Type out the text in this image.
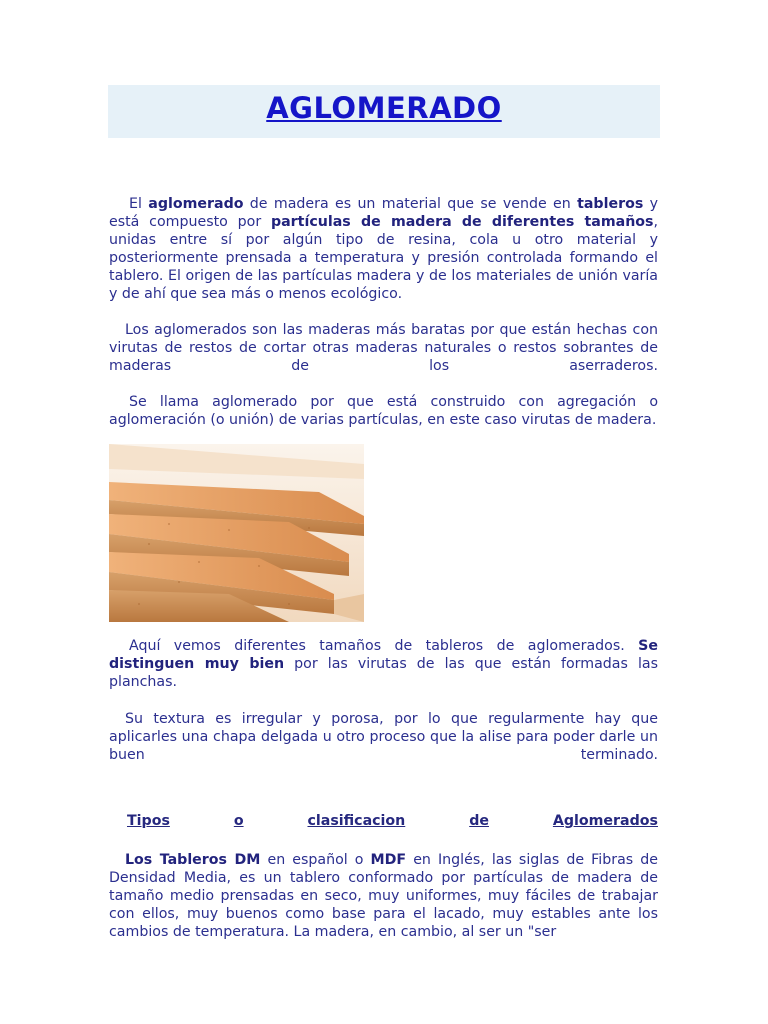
AGLOMERADO

El aglomerado de madera es un material que se vende en tableros y está compuesto por partículas de madera de diferentes tamaños, unidas entre sí por algún tipo de resina, cola u otro material y posteriormente prensada a temperatura y presión controlada formando el tablero. El origen de las partículas madera y de los materiales de unión varía y de ahí que sea más o menos ecológico.

Los aglomerados son las maderas más baratas por que están hechas con virutas de restos de cortar otras maderas naturales o restos sobrantes de maderas de los aserraderos.

Se llama aglomerado por que está construido con agregación o aglomeración (o unión) de varias partículas, en este caso virutas de madera.

Aquí vemos diferentes tamaños de tableros de aglomerados. Se distinguen muy bien por las virutas de las que están formadas las planchas.

Su textura es irregular y porosa, por lo que regularmente hay que aplicarles una chapa delgada u otro proceso que la alise para poder darle un buen terminado.

Tipos	o	clasificacion	de	Aglomerados

Los Tableros DM en español o MDF en Inglés, las siglas de Fibras de Densidad Media, es un tablero conformado por partículas de madera de tamaño medio prensadas en seco, muy uniformes, muy fáciles de trabajar con ellos, muy buenos como base para el lacado, muy estables ante los cambios de temperatura. La madera, en cambio, al ser un "ser
